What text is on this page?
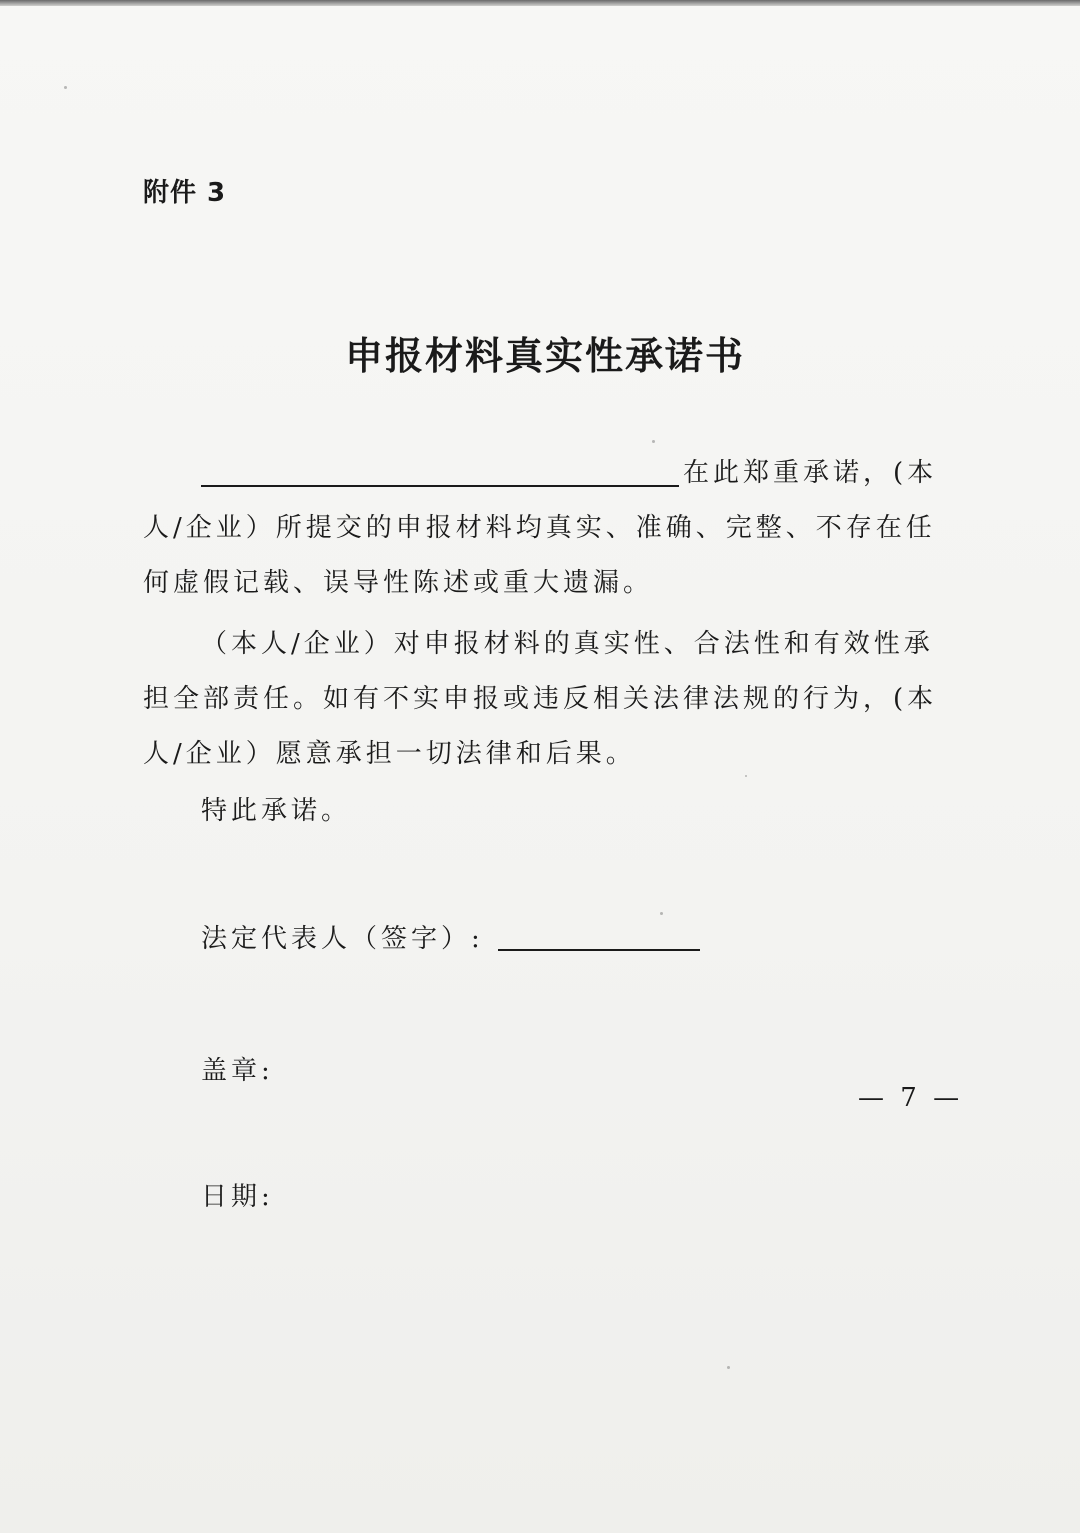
附件 3
申报材料真实性承诺书
在此郑重承诺，(本人/企业）所提交的申报材料均真实、准确、完整、不存在任何虚假记载、误导性陈述或重大遗漏。
（本人/企业）对申报材料的真实性、合法性和有效性承担全部责任。如有不实申报或违反相关法律法规的行为，(本人/企业）愿意承担一切法律和后果。
特此承诺。
法定代表人（签字）:
盖章:
日期:
— 7 —
